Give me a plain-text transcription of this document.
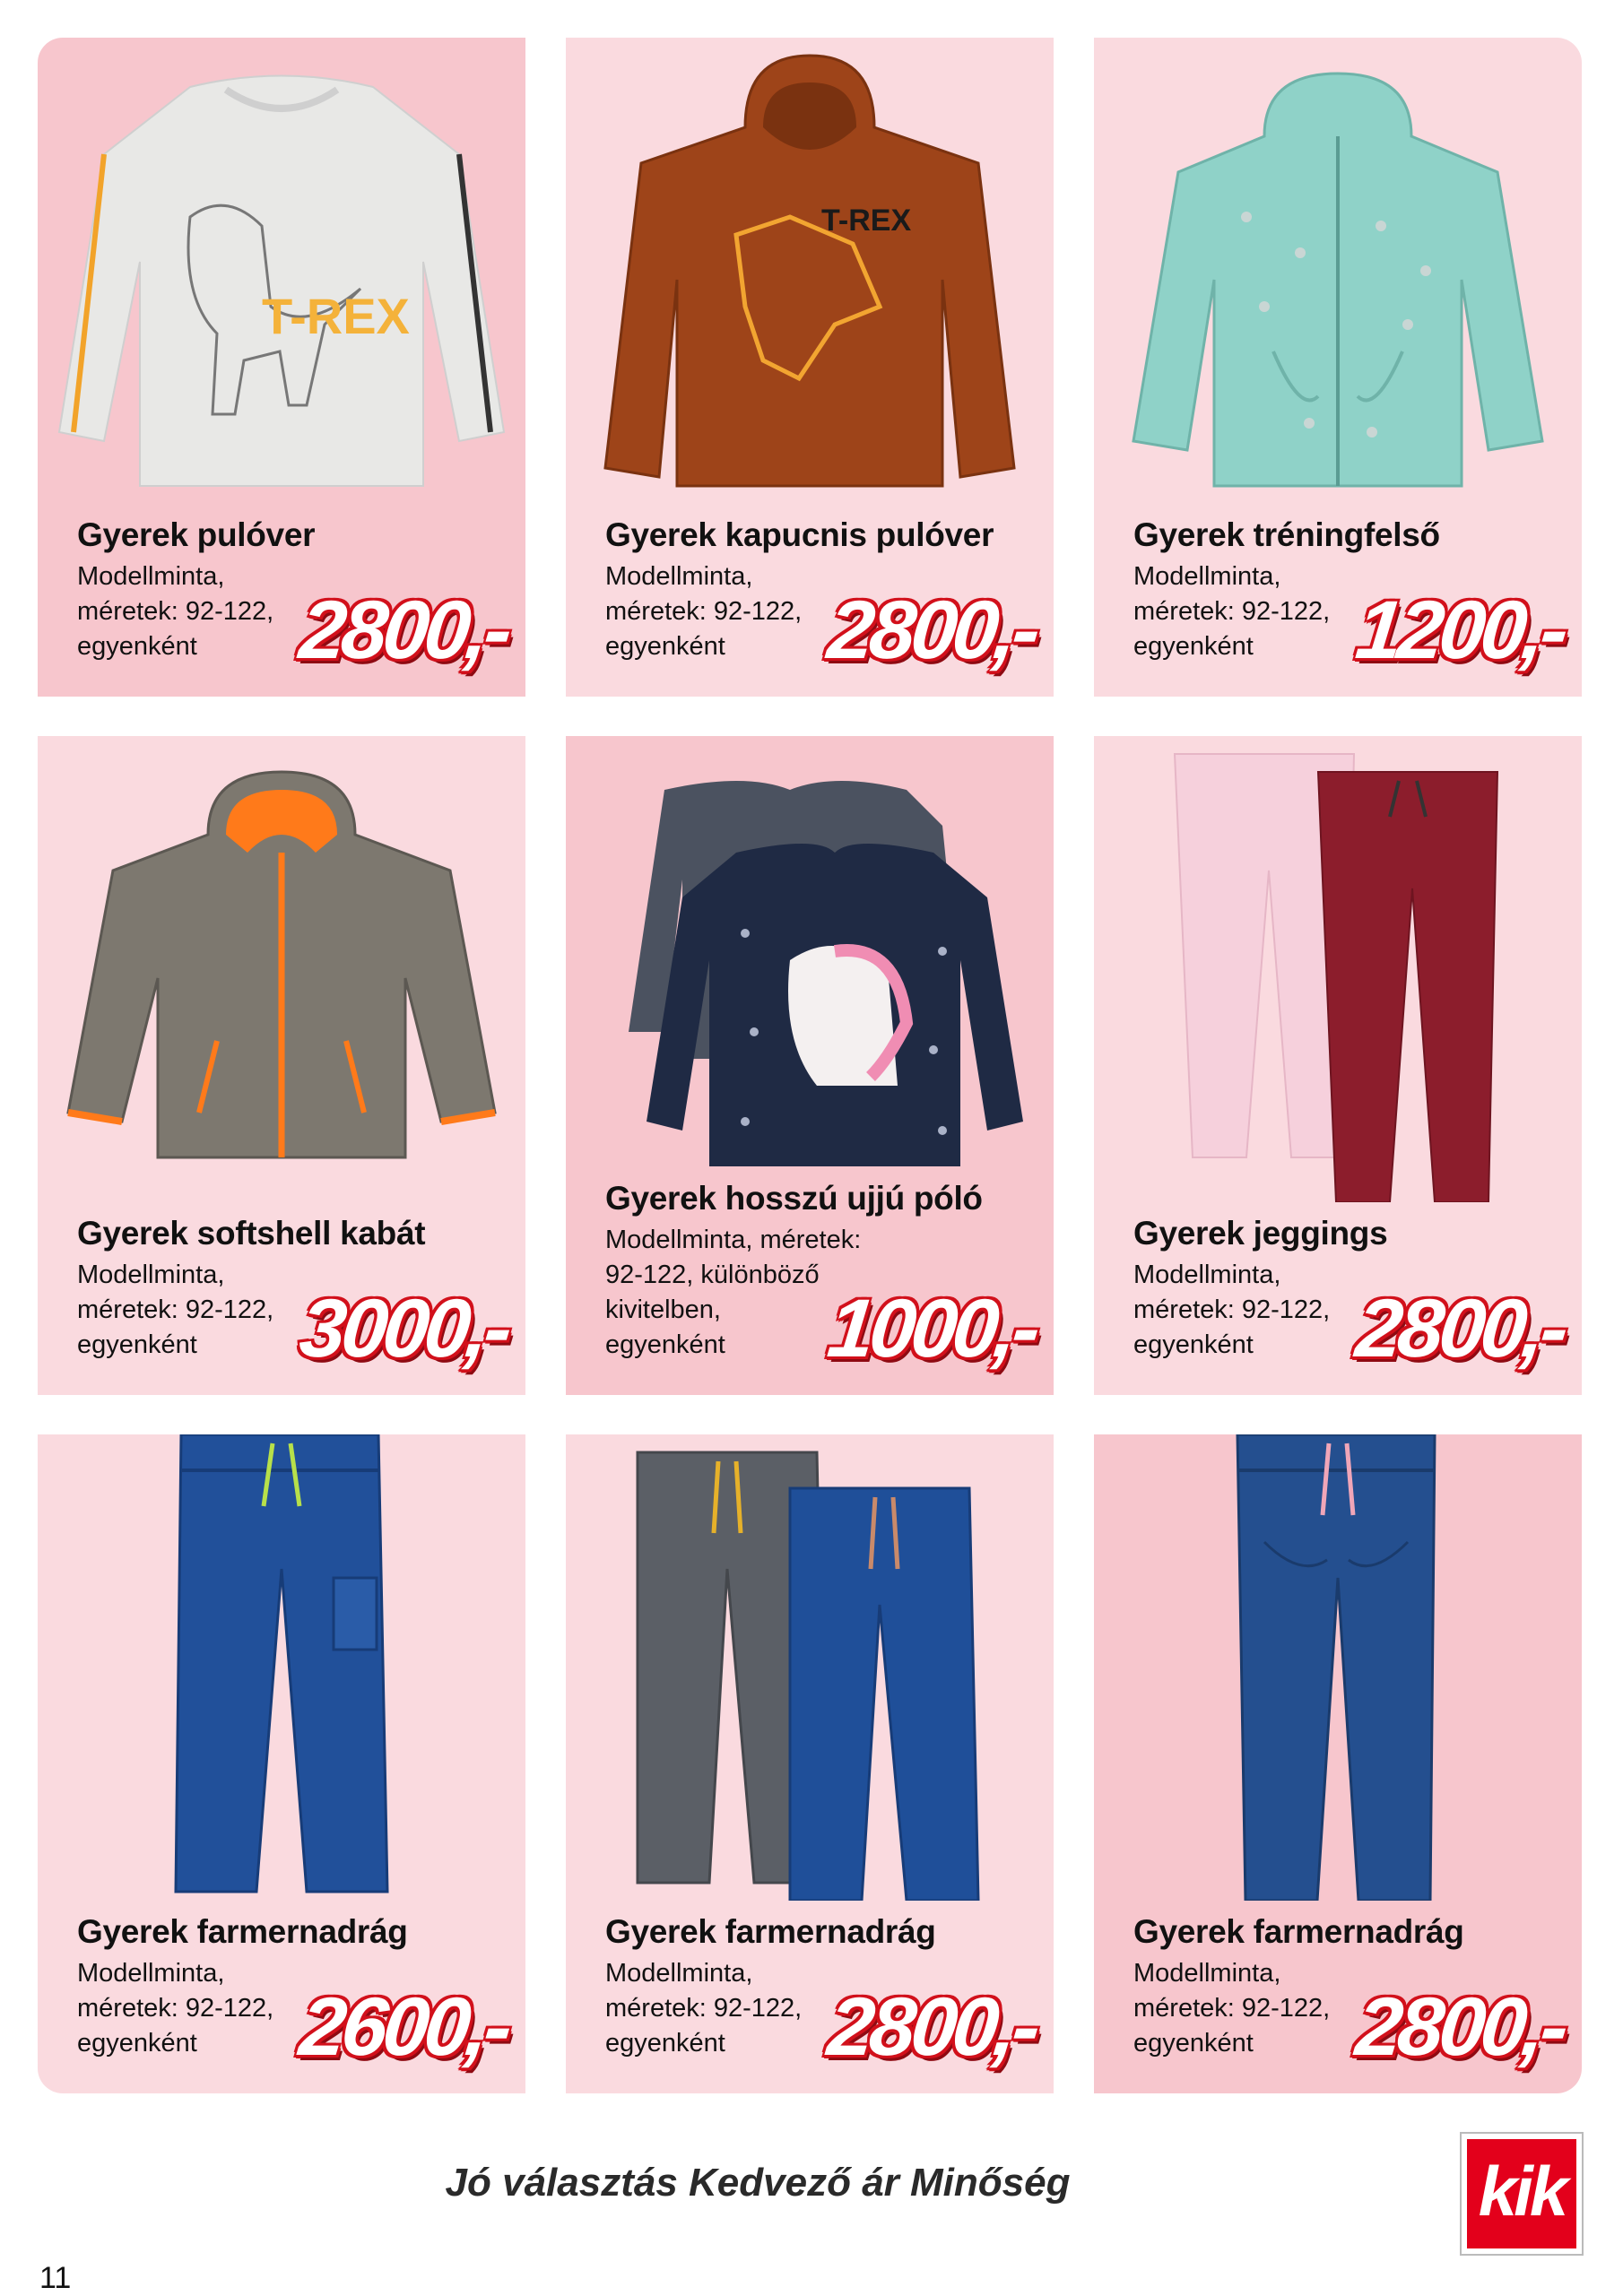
T-REX
Gyerek pulóver
Modellminta,
méretek: 92-122,
egyenként	2800,-
T-REX
Gyerek kapucnis pulóver
Modellminta,
méretek: 92-122,
egyenként	2800,-
Gyerek tréningfelső
Modellminta,
méretek: 92-122,
egyenként	1200,-
Gyerek softshell kabát
Modellminta,
méretek: 92-122,
egyenként	3000,-
Gyerek hosszú ujjú póló
Modellminta, méretek:
92-122, különböző
kivitelben,
egyenként	1000,-
Gyerek jeggings
Modellminta,
méretek: 92-122,
egyenként	2800,-
Gyerek farmernadrág
Modellminta,
méretek: 92-122,
egyenként	2600,-
Gyerek farmernadrág
Modellminta,
méretek: 92-122,
egyenként	2800,-
Gyerek farmernadrág
Modellminta,
méretek: 92-122,
egyenként	2800,-
Jó választás Kedvező ár Minőség
11
kik
